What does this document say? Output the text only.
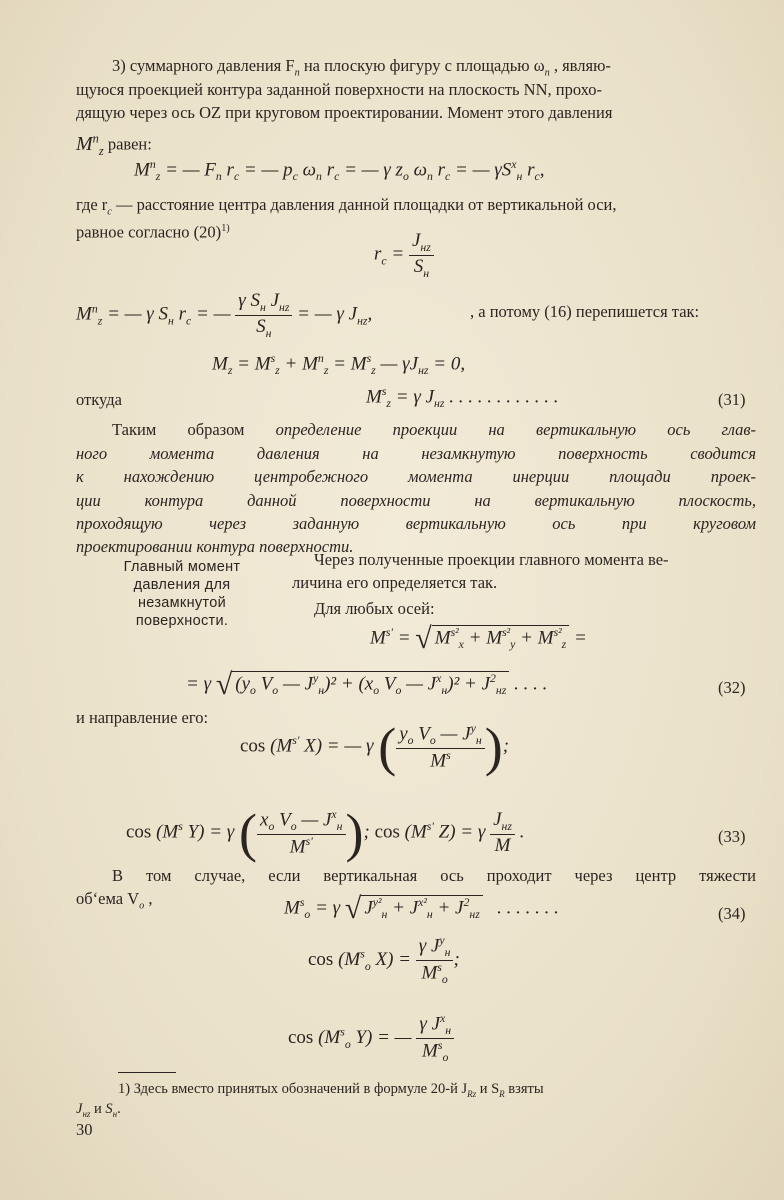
3) суммарного давления $F_n$ на плоскую фигуру с площадью $\omega_n$ , являю-
щуюся проекцией контура заданной поверхности на плоскость NN, прохо-
дящую через ось OZ при круговом проектировании. Момент этого давления
$M^n_z$ равен:
$M^n_z$ = — $F_n$ $r_c$ = — $p_c$ $\omega_n$ $r_c$ = — γ $z_o$ $\omega_n$ $r_c$ = — $\gamma S^x_н$ $r_c$,
где $r_c$ — расстояние центра давления данной площадки от вертикальной оси,
равное согласно $(20)^{1)}$
$r_c = \frac{J_{нz}}{S_н}$
$M^n_z$ = — γ $S_н$ $r_c$ = — $\frac{\gamma S_н J_{нz}}{S_н}$ = — γ $J_{нz}$,	, а потому (16) перепишется так:
$M_z = M^s_z + M^n_z = M^s_z$ — $\gamma J_{нz} = 0$,
откуда	$M^s_z = \gamma$ $J_{нz}$ . . . . . . . . . . . .	(31)
Таким образом определение проекции на вертикальную ось глав-
ного момента давления на незамкнутую поверхность сводится
к нахождению центробежного момента инерции площади проек-
ции контура данной поверхности на вертикальную плоскость,
проходящую через заданную вертикальную ось при круговом
проектировании контура поверхности.
Главный момент
давления для
незамкнутой
поверхности.
Через полученные проекции главного момента ве-
личина его определяется так.
Для любых осей:
$M^{s'}$ = √ $M^{s^2}_x + M^{s^2}_y + M^{s^2}_z$ =
= γ √ ($y_o$ $V_o$ — $J^y_н)^2 + (x_o$ $V_o$ — $J^x_н)^2 + J^2_{нz}$ . . . .	(32)
и направление его:
$\cos (M^{s'}$ X) = — γ ( $\frac{y_o V_o — J^y_н}{M^s}$ );
$\cos (M^s$ Y) = γ ( $\frac{x_o V_o — J^x_н}{M^{s'}}$ ); $\cos (M^{s'}$ Z) = γ $\frac{J_{нz}}{M}$ .	(33)
В том случае, если вертикальная ось проходит через центр тяжести
об‘ема $V_o$ ,	$M^s_o = \gamma$ √ $J^{y^2}_н + J^{x^2}_н + J^2_{нz}$   . . . . . . .	(34)
$\cos (M^s_o$ $X) = \frac{\gamma J^y_н}{M^s_o}$ ;
$\cos (M^s_o$ Y) = — $\frac{\gamma J^x_н}{M^s_o}$
1) Здесь вместо принятых обозначений в формуле 20-й $J_{Rz}$ и $S_R$ взяты
$J_{нz}$ и $S_н$.
30
